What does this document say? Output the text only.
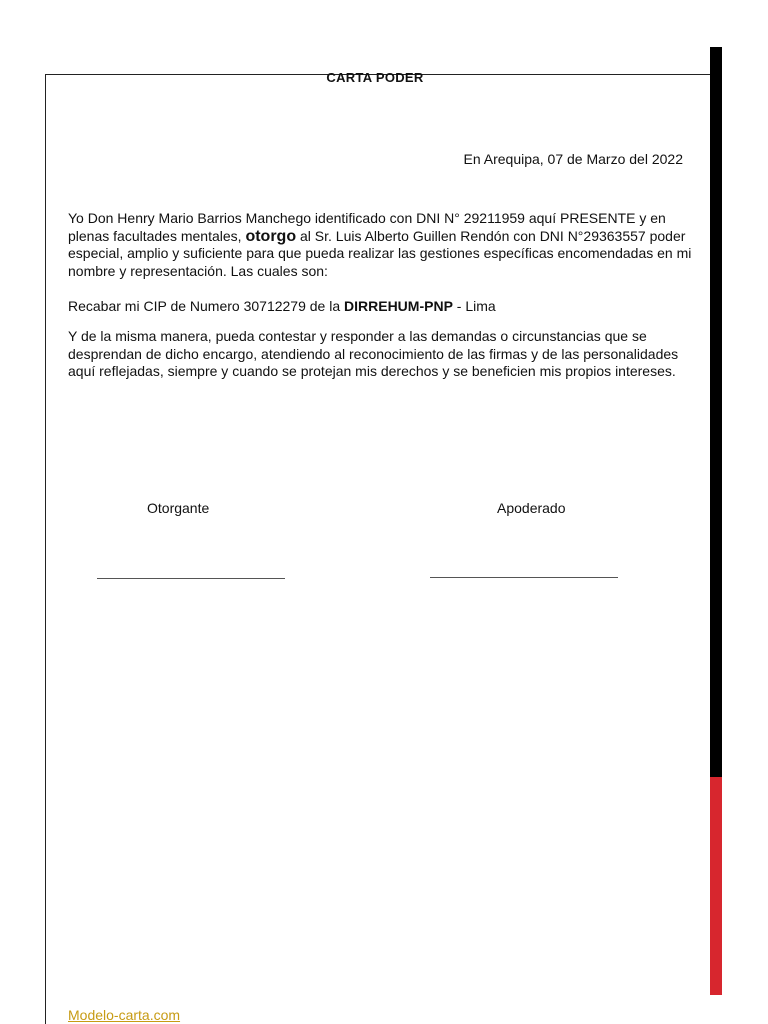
CARTA PODER
En Arequipa, 07 de Marzo del 2022
Yo Don Henry Mario Barrios Manchego identificado con DNI N° 29211959 aquí PRESENTE y en plenas facultades mentales, otorgo al Sr. Luis Alberto Guillen Rendón con DNI N°29363557 poder especial, amplio y suficiente para que pueda realizar las gestiones específicas encomendadas en mi nombre y representación. Las cuales son:
Recabar mi CIP de Numero 30712279 de la DIRREHUM-PNP - Lima
Y de la misma manera, pueda contestar y responder a las demandas o circunstancias que se desprendan de dicho encargo, atendiendo al reconocimiento de las firmas y de las personalidades aquí reflejadas, siempre y cuando se protejan mis derechos y se beneficien mis propios intereses.
Otorgante	Apoderado
Modelo-carta.com
